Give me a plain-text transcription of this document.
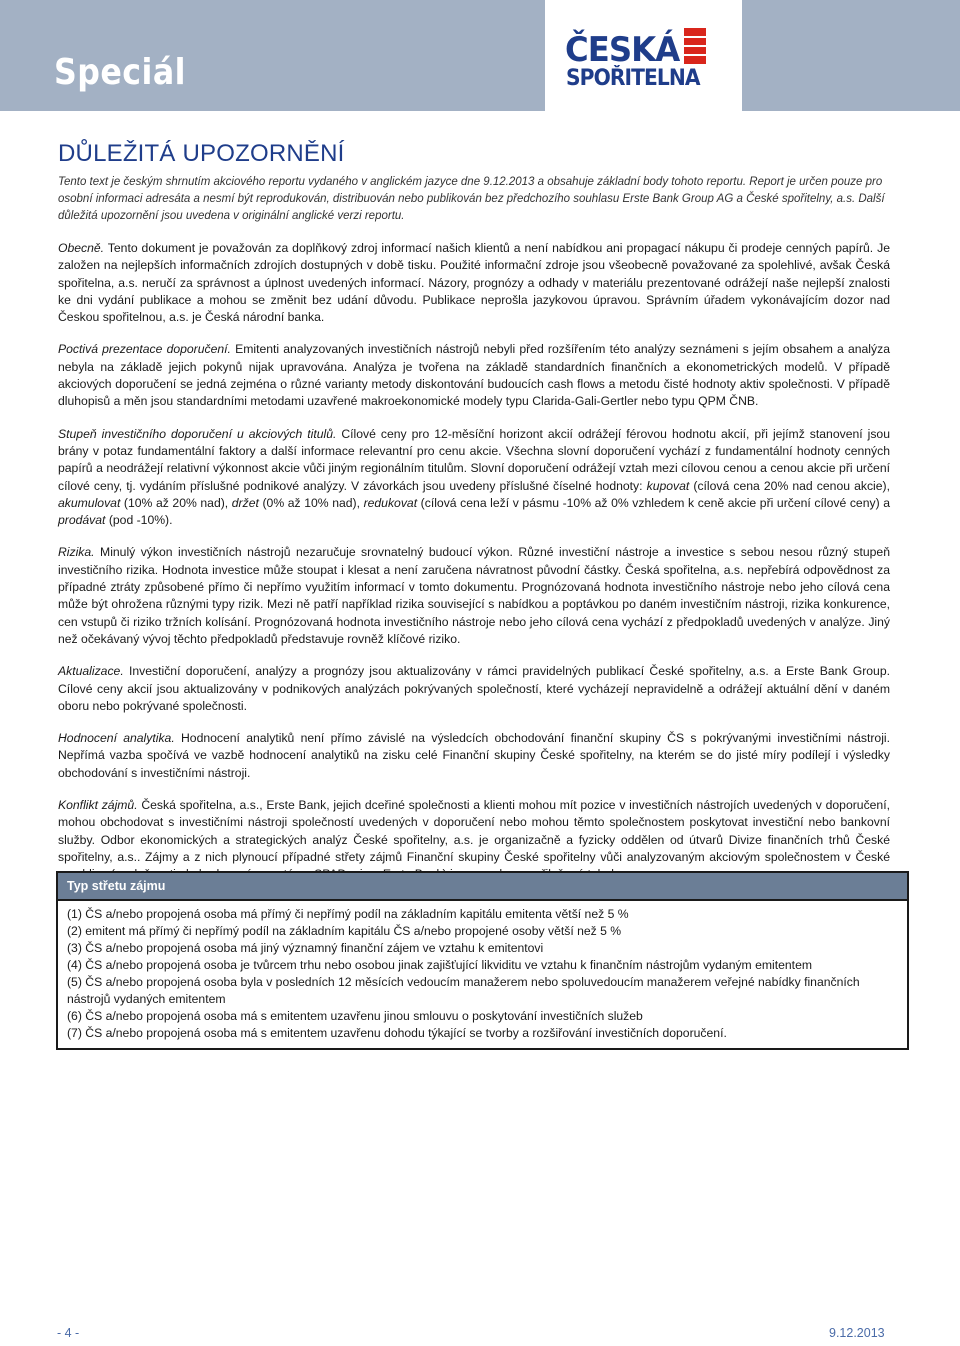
Speciál
ČESKÁ
SPOŘITELNA
DŮLEŽITÁ UPOZORNĚNÍ
Tento text je českým shrnutím akciového reportu vydaného v anglickém jazyce dne 9.12.2013 a obsahuje základní body tohoto reportu. Report je určen pouze pro osobní informaci adresáta a nesmí být reprodukován, distribuován nebo publikován bez předchozího souhlasu Erste Bank Group AG a České spořitelny, a.s. Další důležitá upozornění jsou uvedena v originální anglické verzi reportu.
Obecně. Tento dokument je považován za doplňkový zdroj informací našich klientů a není nabídkou ani propagací nákupu či prodeje cenných papírů. Je založen na nejlepších informačních zdrojích dostupných v době tisku. Použité informační zdroje jsou všeobecně považované za spolehlivé, avšak Česká spořitelna, a.s. neručí za správnost a úplnost uvedených informací. Názory, prognózy a odhady v materiálu prezentované odrážejí naše nejlepší znalosti ke dni vydání publikace a mohou se změnit bez udání důvodu. Publikace neprošla jazykovou úpravou. Správním úřadem vykonávajícím dozor nad Českou spořitelnou, a.s. je Česká národní banka.
Poctivá prezentace doporučení. Emitenti analyzovaných investičních nástrojů nebyli před rozšířením této analýzy seznámeni s jejím obsahem a analýza nebyla na základě jejich pokynů nijak upravována. Analýza je tvořena na základě standardních finančních a ekonometrických modelů. V případě akciových doporučení se jedná zejména o různé varianty metody diskontování budoucích cash flows a metodu čisté hodnoty aktiv společnosti. V případě dluhopisů a měn jsou standardními metodami uzavřené makroekonomické modely typu Clarida-Gali-Gertler nebo typu QPM ČNB.
Stupeň investičního doporučení u akciových titulů. Cílové ceny pro 12-měsíční horizont akcií odrážejí férovou hodnotu akcií, při jejímž stanovení jsou brány v potaz fundamentální faktory a další informace relevantní pro cenu akcie. Všechna slovní doporučení vychází z fundamentální hodnoty cenných papírů a neodrážejí relativní výkonnost akcie vůči jiným regionálním titulům. Slovní doporučení odrážejí vztah mezi cílovou cenou a cenou akcie při určení cílové ceny, tj. vydáním příslušné podnikové analýzy. V závorkách jsou uvedeny příslušné číselné hodnoty: kupovat (cílová cena 20% nad cenou akcie), akumulovat (10% až 20% nad), držet (0% až 10% nad), redukovat (cílová cena leží v pásmu -10% až 0% vzhledem k ceně akcie při určení cílové ceny) a prodávat (pod -10%).
Rizika. Minulý výkon investičních nástrojů nezaručuje srovnatelný budoucí výkon. Různé investiční nástroje a investice s sebou nesou různý stupeň investičního rizika. Hodnota investice může stoupat i klesat a není zaručena návratnost původní částky. Česká spořitelna, a.s. nepřebírá odpovědnost za případné ztráty způsobené přímo či nepřímo využitím informací v tomto dokumentu. Prognózovaná hodnota investičního nástroje nebo jeho cílová cena může být ohrožena různými typy rizik. Mezi ně patří například rizika související s nabídkou a poptávkou po daném investičním nástroji, rizika konkurence, cen vstupů či riziko tržních kolísání. Prognózovaná hodnota investičního nástroje nebo jeho cílová cena vychází z předpokladů uvedených v analýze. Jiný než očekávaný vývoj těchto předpokladů představuje rovněž klíčové riziko.
Aktualizace. Investiční doporučení, analýzy a prognózy jsou aktualizovány v rámci pravidelných publikací České spořitelny, a.s. a Erste Bank Group. Cílové ceny akcií jsou aktualizovány v podnikových analýzách pokrývaných společností, které vycházejí nepravidelně a odrážejí aktuální dění v daném oboru nebo pokrývané společnosti.
Hodnocení analytika. Hodnocení analytiků není přímo závislé na výsledcích obchodování finanční skupiny ČS s pokrývanými investičními nástroji. Nepřímá vazba spočívá ve vazbě hodnocení analytiků na zisku celé Finanční skupiny České spořitelny, na kterém se do jisté míry podílejí i výsledky obchodování s investičními nástroji.
Konflikt zájmů. Česká spořitelna, a.s., Erste Bank, jejich dceřiné společnosti a klienti mohou mít pozice v investičních nástrojích uvedených v doporučení, mohou obchodovat s investičními nástroji společností uvedených v doporučení nebo mohou těmto společnostem poskytovat investiční nebo bankovní služby. Odbor ekonomických a strategických analýz České spořitelny, a.s. je organizačně a fyzicky oddělen od útvarů Divize finančních trhů České spořitelny, a.s.. Zájmy a z nich plynoucí případné střety zájmů Finanční skupiny České spořitelny vůči analyzovaným akciovým společnostem v České
Typ střetu zájmu
(1) ČS a/nebo propojená osoba má přímý či nepřímý podíl na základním kapitálu emitenta větší než 5 %
(2) emitent má přímý či nepřímý podíl na základním kapitálu ČS a/nebo propojené osoby větší než 5 %
(3) ČS a/nebo propojená osoba má jiný významný finanční zájem ve vztahu k emitentovi
(4) ČS a/nebo propojená osoba je tvůrcem trhu nebo osobou jinak zajišťující likviditu ve vztahu k finančním nástrojům vydaným emitentem
(5) ČS a/nebo propojená osoba byla v posledních 12 měsících vedoucím manažerem nebo spoluvedoucím manažerem veřejné nabídky finančních nástrojů vydaných emitentem
(6) ČS a/nebo propojená osoba má s emitentem uzavřenu jinou smlouvu o poskytování investičních služeb
(7) ČS a/nebo propojená osoba má s emitentem uzavřenu dohodu týkající se tvorby a rozšiřování investičních doporučení.
- 4 -	9.12.2013
